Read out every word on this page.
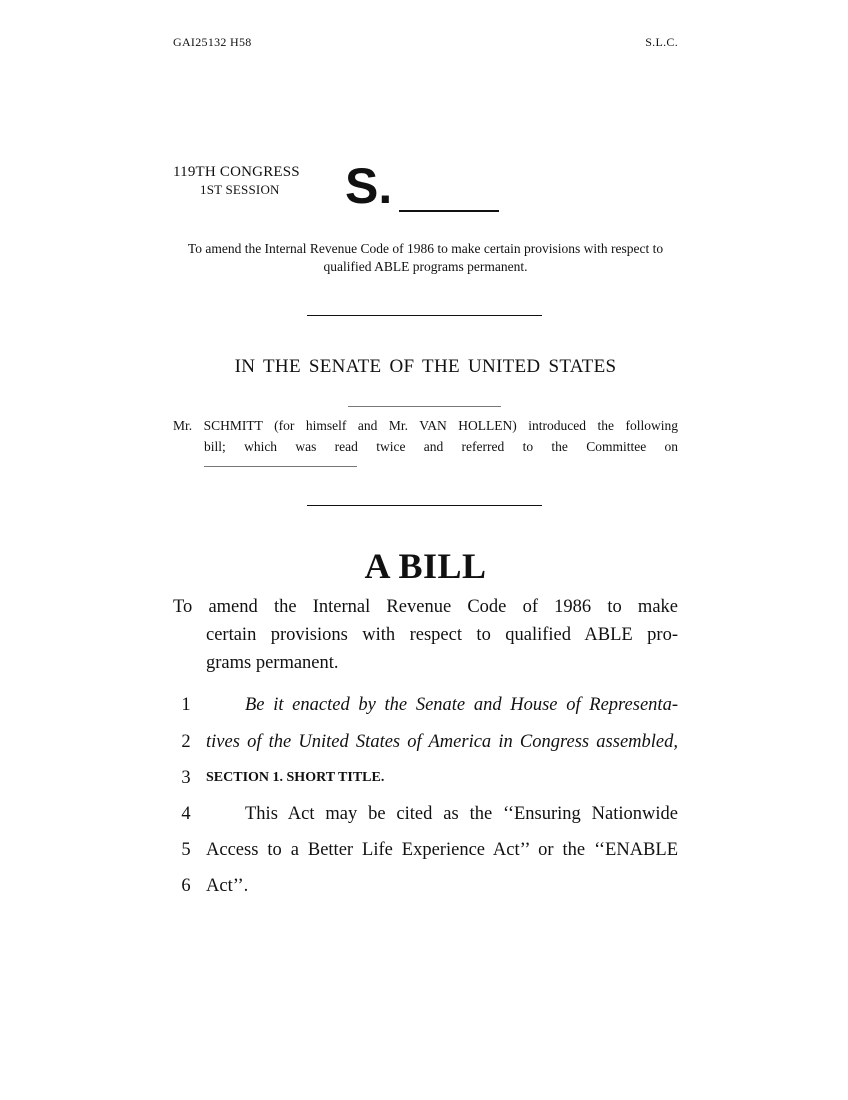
GAI25132 H58	S.L.C.
119TH CONGRESS
1ST SESSION S.
To amend the Internal Revenue Code of 1986 to make certain provisions with respect to qualified ABLE programs permanent.
IN THE SENATE OF THE UNITED STATES
Mr. SCHMITT (for himself and Mr. VAN HOLLEN) introduced the following
bill; which was read twice and referred to the Committee on
A BILL
To amend the Internal Revenue Code of 1986 to make
certain provisions with respect to qualified ABLE pro-
grams permanent.
1	Be it enacted by the Senate and House of Representa-
2 tives of the United States of America in Congress assembled,
3	SECTION 1. SHORT TITLE.
4	This Act may be cited as the ‘‘Ensuring Nationwide
5 Access to a Better Life Experience Act’’ or the ‘‘ENABLE
6 Act’’.
